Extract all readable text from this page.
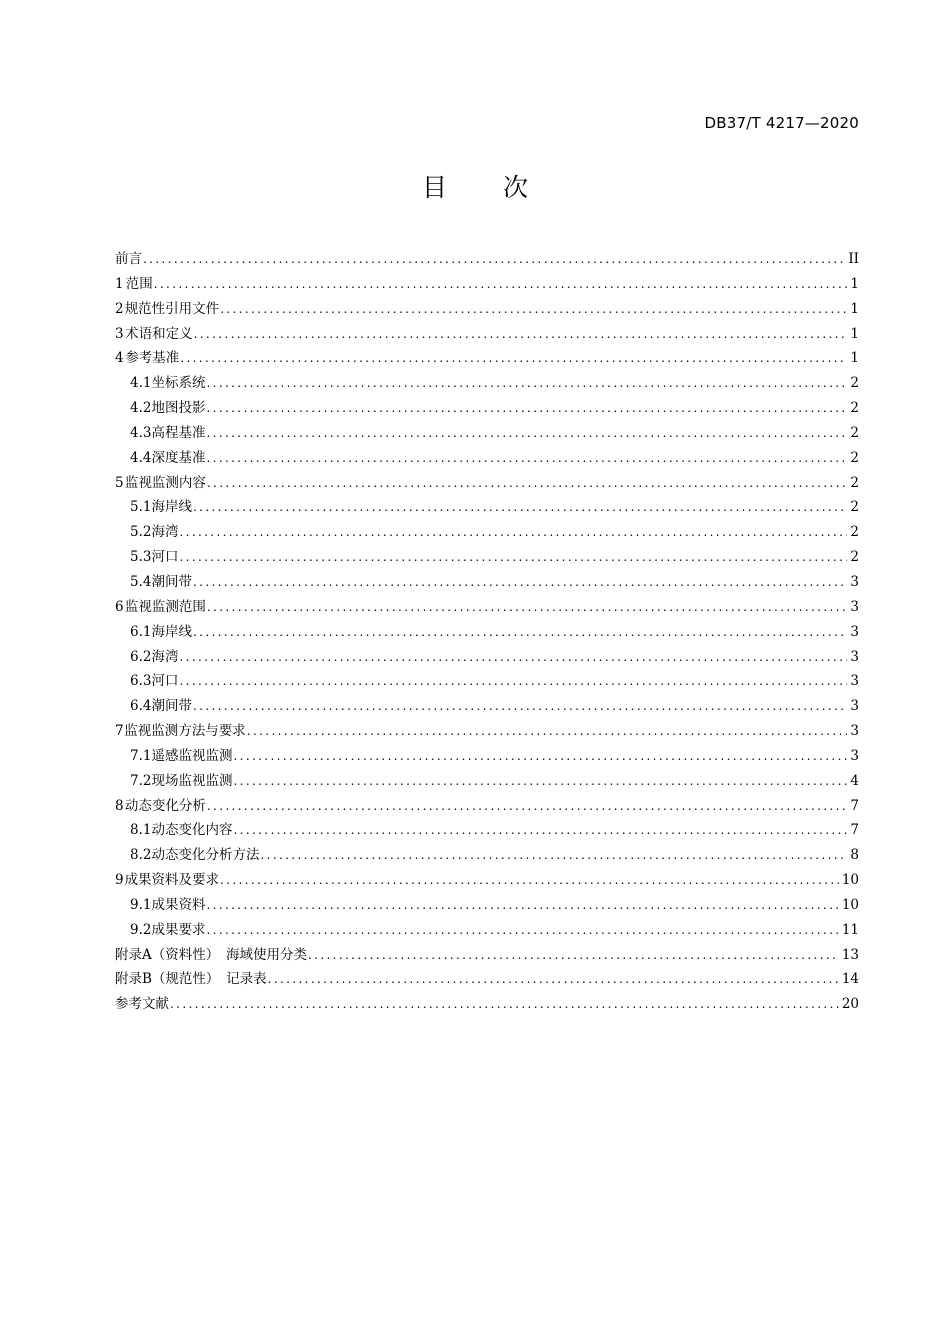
DB37/T 4217—2020
目 次
前言 .....	II
1 范围 .....	1
2 规范性引用文件 .....	1
3 术语和定义 .....	1
4 参考基准 .....	1
4.1 坐标系统 .....	2
4.2 地图投影 .....	2
4.3 高程基准 .....	2
4.4 深度基准 .....	2
5 监视监测内容 .....	2
5.1 海岸线 .....	2
5.2 海湾 .....	2
5.3 河口 .....	2
5.4 潮间带 .....	3
6 监视监测范围 .....	3
6.1 海岸线 .....	3
6.2 海湾 .....	3
6.3 河口 .....	3
6.4 潮间带 .....	3
7 监视监测方法与要求 .....	3
7.1 遥感监视监测 .....	3
7.2 现场监视监测 .....	4
8 动态变化分析 .....	7
8.1 动态变化内容 .....	7
8.2 动态变化分析方法 .....	8
9 成果资料及要求 .....	10
9.1 成果资料 .....	10
9.2 成果要求 .....	11
附录A（资料性）　海域使用分类 .....	13
附录B（规范性）　记录表 .....	14
参考文献 .....	20
